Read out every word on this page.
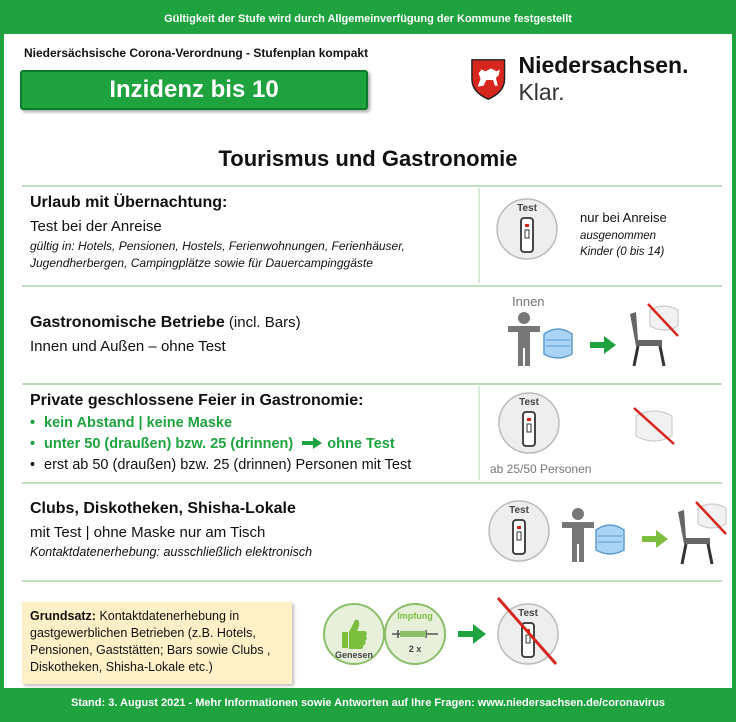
Gültigkeit der Stufe wird durch Allgemeinverfügung der Kommune festgestellt
Niedersächsische Corona-Verordnung - Stufenplan kompakt
Inzidenz bis 10
Niedersachsen. Klar.
Tourismus und Gastronomie
Urlaub mit Übernachtung:
Test bei der Anreise
gültig in: Hotels, Pensionen, Hostels, Ferienwohnungen, Ferienhäuser,
Jugendherbergen, Campingplätze sowie für Dauercampinggäste
Test
nur bei Anreise
ausgenommen
Kinder (0 bis 14)
Gastronomische Betriebe (incl. Bars)
Innen und Außen – ohne Test
Innen
Private geschlossene Feier in Gastronomie:
• kein Abstand | keine Maske
• unter 50 (draußen) bzw. 25 (drinnen) ohne Test
• erst ab 50 (draußen) bzw. 25 (drinnen) Personen mit Test
Test
ab 25/50 Personen
Clubs, Diskotheken, Shisha-Lokale
mit Test | ohne Maske nur am Tisch
Kontaktdatenerhebung: ausschließlich elektronisch
Test
Grundsatz: Kontaktdatenerhebung in
gastgewerblichen Betrieben (z.B. Hotels,
Pensionen, Gaststätten; Bars sowie Clubs ,
Diskotheken, Shisha-Lokale etc.)
Genesen
Impfung
2 x
Test
Stand: 3. August 2021 - Mehr Informationen sowie Antworten auf Ihre Fragen: www.niedersachsen.de/coronavirus
